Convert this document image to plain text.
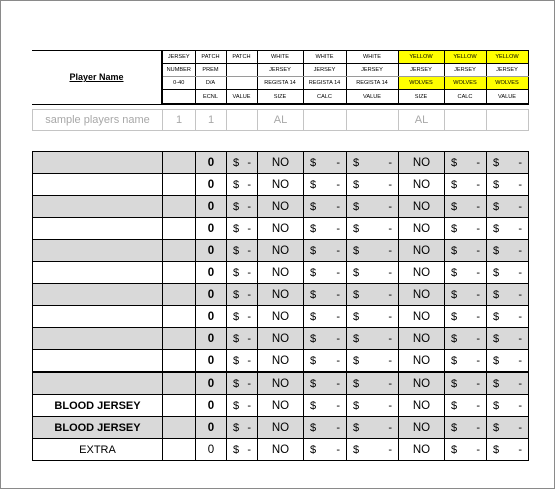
Player Name	JERSEY	PATCH	PATCH	WHITE	WHITE	WHITE	YELLOW	YELLOW	YELLOW
	NUMBER	PREM		JERSEY	JERSEY	JERSEY	JERSEY	JERSEY	JERSEY
	0-40	D/A		REGISTA 14	REGISTA 14	REGISTA 14	WOLVES	WOLVES	WOLVES
		ECNL	VALUE	SIZE	CALC	VALUE	SIZE	CALC	VALUE
sample players name	1	1		AL			AL		
		0	$ -	NO	$ -	$ -	NO	$ -	$ -

		0	$ -	NO	$ -	$ -	NO	$ -	$ -

		0	$ -	NO	$ -	$ -	NO	$ -	$ -

		0	$ -	NO	$ -	$ -	NO	$ -	$ -

		0	$ -	NO	$ -	$ -	NO	$ -	$ -

		0	$ -	NO	$ -	$ -	NO	$ -	$ -

		0	$ -	NO	$ -	$ -	NO	$ -	$ -

		0	$ -	NO	$ -	$ -	NO	$ -	$ -

		0	$ -	NO	$ -	$ -	NO	$ -	$ -

		0	$ -	NO	$ -	$ -	NO	$ -	$ -

		0	$ -	NO	$ -	$ -	NO	$ -	$ -

BLOOD JERSEY		0	$ -	NO	$ -	$ -	NO	$ -	$ -

BLOOD JERSEY		0	$ -	NO	$ -	$ -	NO	$ -	$ -

EXTRA		0	$ -	NO	$ -	$ -	NO	$ -	$ -
